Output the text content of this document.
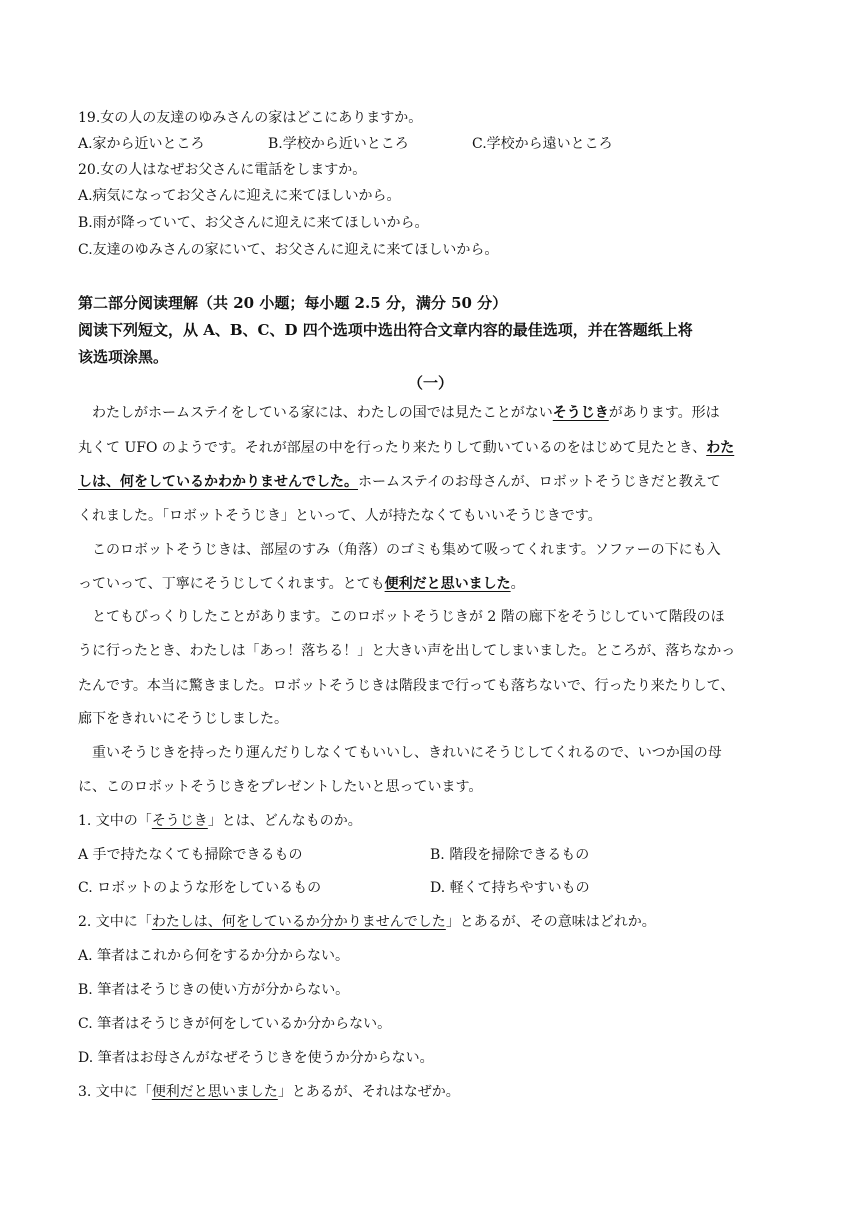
19.女の人の友達のゆみさんの家はどこにありますか。
A.家から近いところ	B.学校から近いところ	C.学校から遠いところ
20.女の人はなぜお父さんに電話をしますか。
A.病気になってお父さんに迎えに来てほしいから。
B.雨が降っていて、お父さんに迎えに来てほしいから。
C.友達のゆみさんの家にいて、お父さんに迎えに来てほしいから。
第二部分阅读理解（共 20 小题；每小题 2.5 分，满分 50 分）
阅读下列短文，从 A、B、C、D 四个选项中选出符合文章内容的最佳选项，并在答题纸上将
该选项涂黑。
（一）
　わたしがホームステイをしている家には、わたしの国では見たことがないそうじきがあります。形は
丸くて UFO のようです。それが部屋の中を行ったり来たりして動いているのをはじめて見たとき、わた
しは、何をしているかわかりませんでした。ホームステイのお母さんが、ロボットそうじきだと教えて
くれました。「ロボットそうじき」といって、人が持たなくてもいいそうじきです。
　このロボットそうじきは、部屋のすみ（角落）のゴミも集めて吸ってくれます。ソファーの下にも入
っていって、丁寧にそうじしてくれます。とても便利だと思いました。
　とてもびっくりしたことがあります。このロボットそうじきが 2 階の廊下をそうじしていて階段のほ
うに行ったとき、わたしは「あっ！落ちる！」と大きい声を出してしまいました。ところが、落ちなかっ
たんです。本当に驚きました。ロボットそうじきは階段まで行っても落ちないで、行ったり来たりして、
廊下をきれいにそうじしました。
　重いそうじきを持ったり運んだりしなくてもいいし、きれいにそうじしてくれるので、いつか国の母
に、このロボットそうじきをプレゼントしたいと思っています。
1. 文中の「そうじき」とは、どんなものか。
A 手で持たなくても掃除できるもの	B. 階段を掃除できるもの
C. ロボットのような形をしているもの	D. 軽くて持ちやすいもの
2. 文中に「わたしは、何をしているか分かりませんでした」とあるが、その意味はどれか。
A. 筆者はこれから何をするか分からない。
B. 筆者はそうじきの使い方が分からない。
C. 筆者はそうじきが何をしているか分からない。
D. 筆者はお母さんがなぜそうじきを使うか分からない。
3. 文中に「便利だと思いました」とあるが、それはなぜか。
